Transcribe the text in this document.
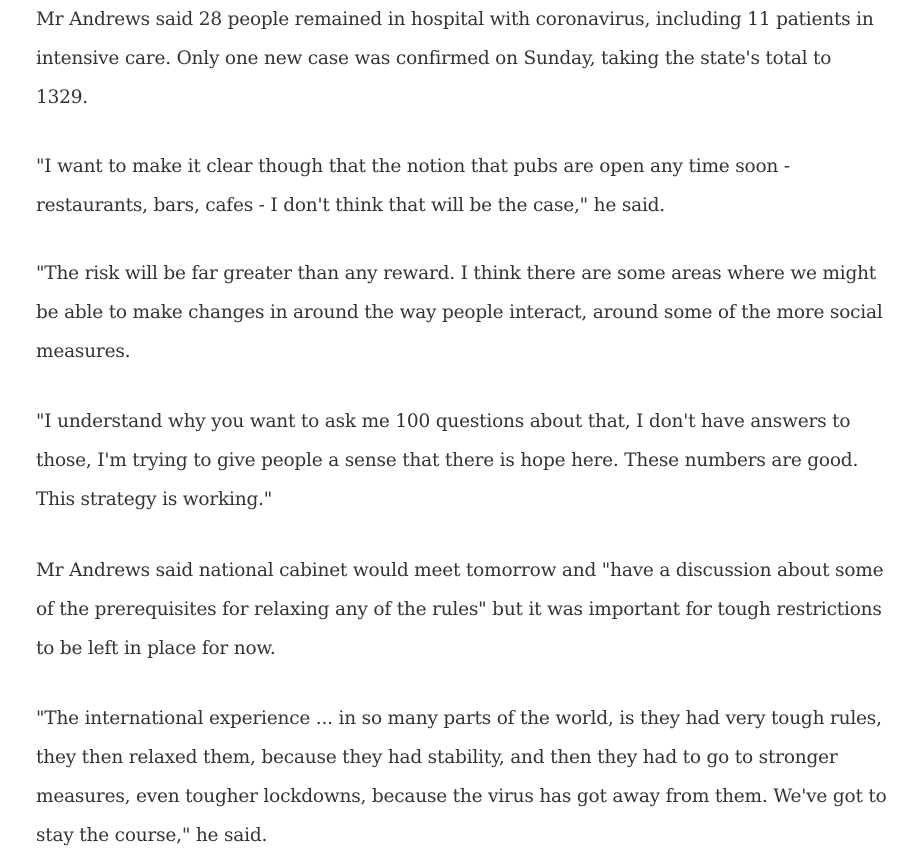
Mr Andrews said 28 people remained in hospital with coronavirus, including 11 patients in intensive care. Only one new case was confirmed on Sunday, taking the state's total to 1329.

"I want to make it clear though that the notion that pubs are open any time soon - restaurants, bars, cafes - I don't think that will be the case," he said.

"The risk will be far greater than any reward. I think there are some areas where we might be able to make changes in around the way people interact, around some of the more social measures.

"I understand why you want to ask me 100 questions about that, I don't have answers to those, I'm trying to give people a sense that there is hope here. These numbers are good. This strategy is working."

Mr Andrews said national cabinet would meet tomorrow and "have a discussion about some of the prerequisites for relaxing any of the rules" but it was important for tough restrictions to be left in place for now.

"The international experience ... in so many parts of the world, is they had very tough rules, they then relaxed them, because they had stability, and then they had to go to stronger measures, even tougher lockdowns, because the virus has got away from them. We've got to stay the course," he said.
